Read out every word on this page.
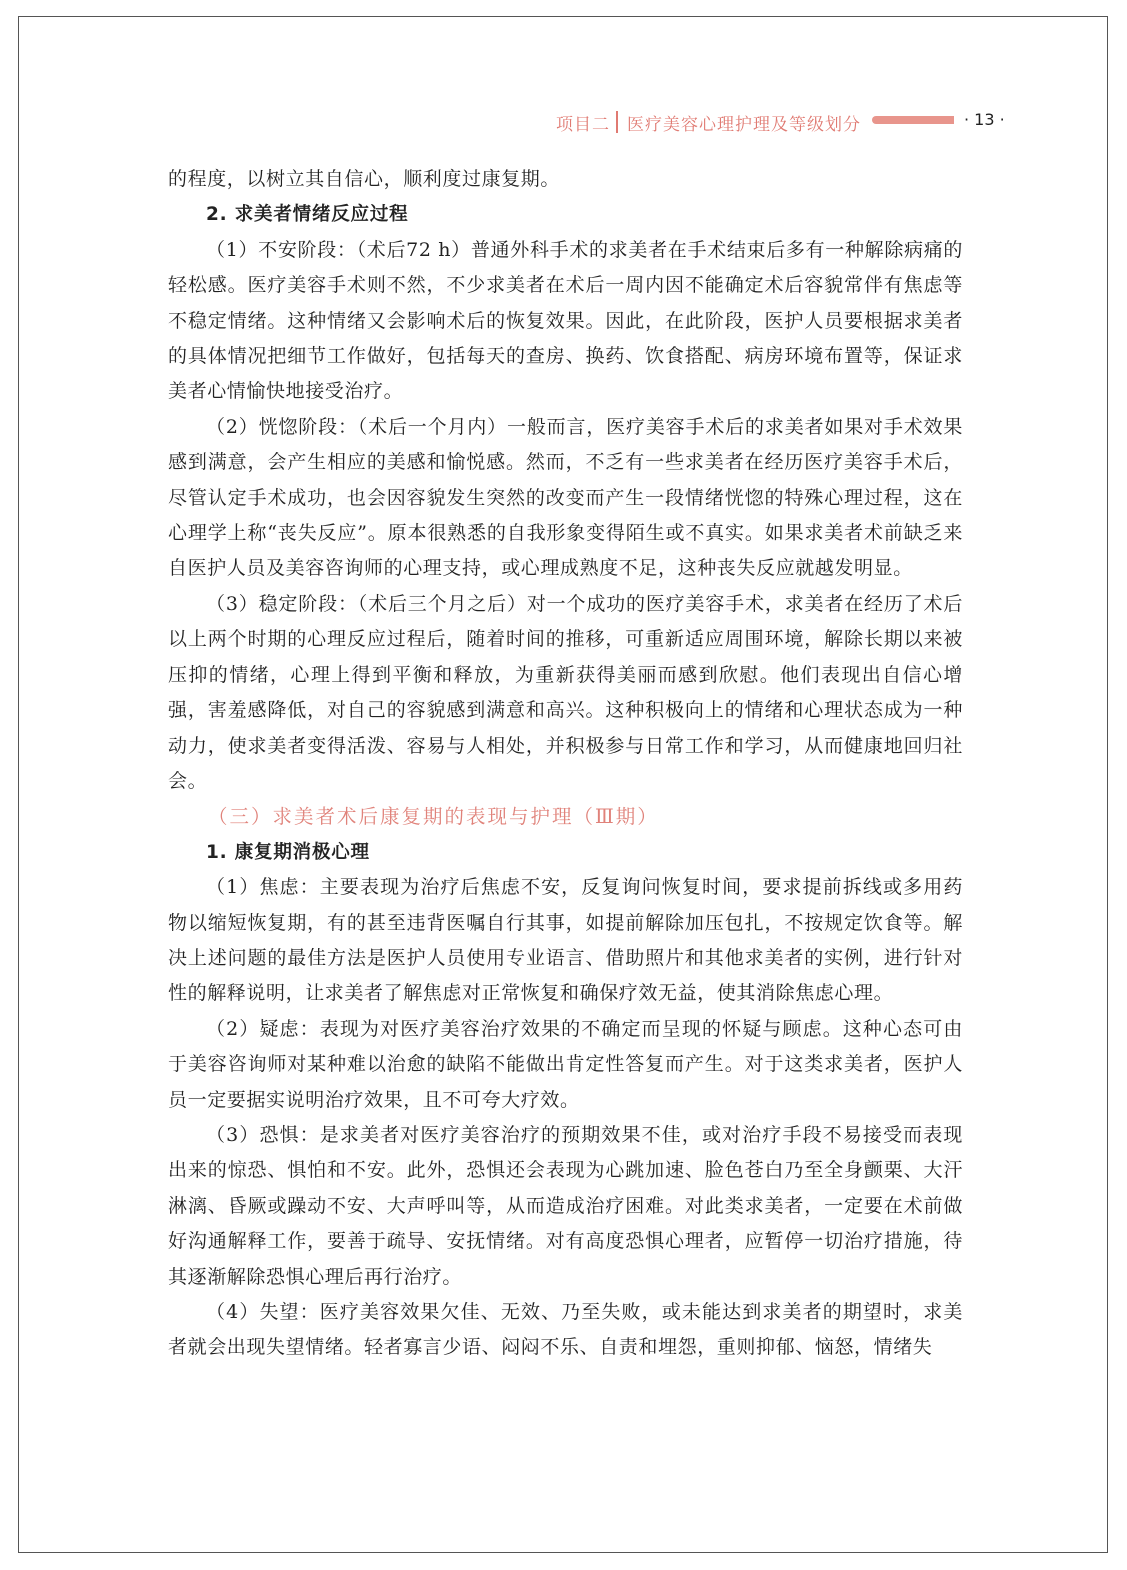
项目二 医疗美容心理护理及等级划分	· 13 ·

的程度，以树立其自信心，顺利度过康复期。

2. 求美者情绪反应过程

（1）不安阶段：（术后72 h）普通外科手术的求美者在手术结束后多有一种解除病痛的轻松感。医疗美容手术则不然，不少求美者在术后一周内因不能确定术后容貌常伴有焦虑等不稳定情绪。这种情绪又会影响术后的恢复效果。因此，在此阶段，医护人员要根据求美者的具体情况把细节工作做好，包括每天的查房、换药、饮食搭配、病房环境布置等，保证求美者心情愉快地接受治疗。

（2）恍惚阶段：（术后一个月内）一般而言，医疗美容手术后的求美者如果对手术效果感到满意，会产生相应的美感和愉悦感。然而，不乏有一些求美者在经历医疗美容手术后，尽管认定手术成功，也会因容貌发生突然的改变而产生一段情绪恍惚的特殊心理过程，这在心理学上称“丧失反应”。原本很熟悉的自我形象变得陌生或不真实。如果求美者术前缺乏来自医护人员及美容咨询师的心理支持，或心理成熟度不足，这种丧失反应就越发明显。

（3）稳定阶段：（术后三个月之后）对一个成功的医疗美容手术，求美者在经历了术后以上两个时期的心理反应过程后，随着时间的推移，可重新适应周围环境，解除长期以来被压抑的情绪，心理上得到平衡和释放，为重新获得美丽而感到欣慰。他们表现出自信心增强，害羞感降低，对自己的容貌感到满意和高兴。这种积极向上的情绪和心理状态成为一种动力，使求美者变得活泼、容易与人相处，并积极参与日常工作和学习，从而健康地回归社会。

（三）求美者术后康复期的表现与护理（Ⅲ期）

1. 康复期消极心理

（1）焦虑：主要表现为治疗后焦虑不安，反复询问恢复时间，要求提前拆线或多用药物以缩短恢复期，有的甚至违背医嘱自行其事，如提前解除加压包扎，不按规定饮食等。解决上述问题的最佳方法是医护人员使用专业语言、借助照片和其他求美者的实例，进行针对性的解释说明，让求美者了解焦虑对正常恢复和确保疗效无益，使其消除焦虑心理。

（2）疑虑：表现为对医疗美容治疗效果的不确定而呈现的怀疑与顾虑。这种心态可由于美容咨询师对某种难以治愈的缺陷不能做出肯定性答复而产生。对于这类求美者，医护人员一定要据实说明治疗效果，且不可夸大疗效。

（3）恐惧：是求美者对医疗美容治疗的预期效果不佳，或对治疗手段不易接受而表现出来的惊恐、惧怕和不安。此外，恐惧还会表现为心跳加速、脸色苍白乃至全身颤栗、大汗淋漓、昏厥或躁动不安、大声呼叫等，从而造成治疗困难。对此类求美者，一定要在术前做好沟通解释工作，要善于疏导、安抚情绪。对有高度恐惧心理者，应暂停一切治疗措施，待其逐渐解除恐惧心理后再行治疗。

（4）失望：医疗美容效果欠佳、无效、乃至失败，或未能达到求美者的期望时，求美者就会出现失望情绪。轻者寡言少语、闷闷不乐、自责和埋怨，重则抑郁、恼怒，情绪失
